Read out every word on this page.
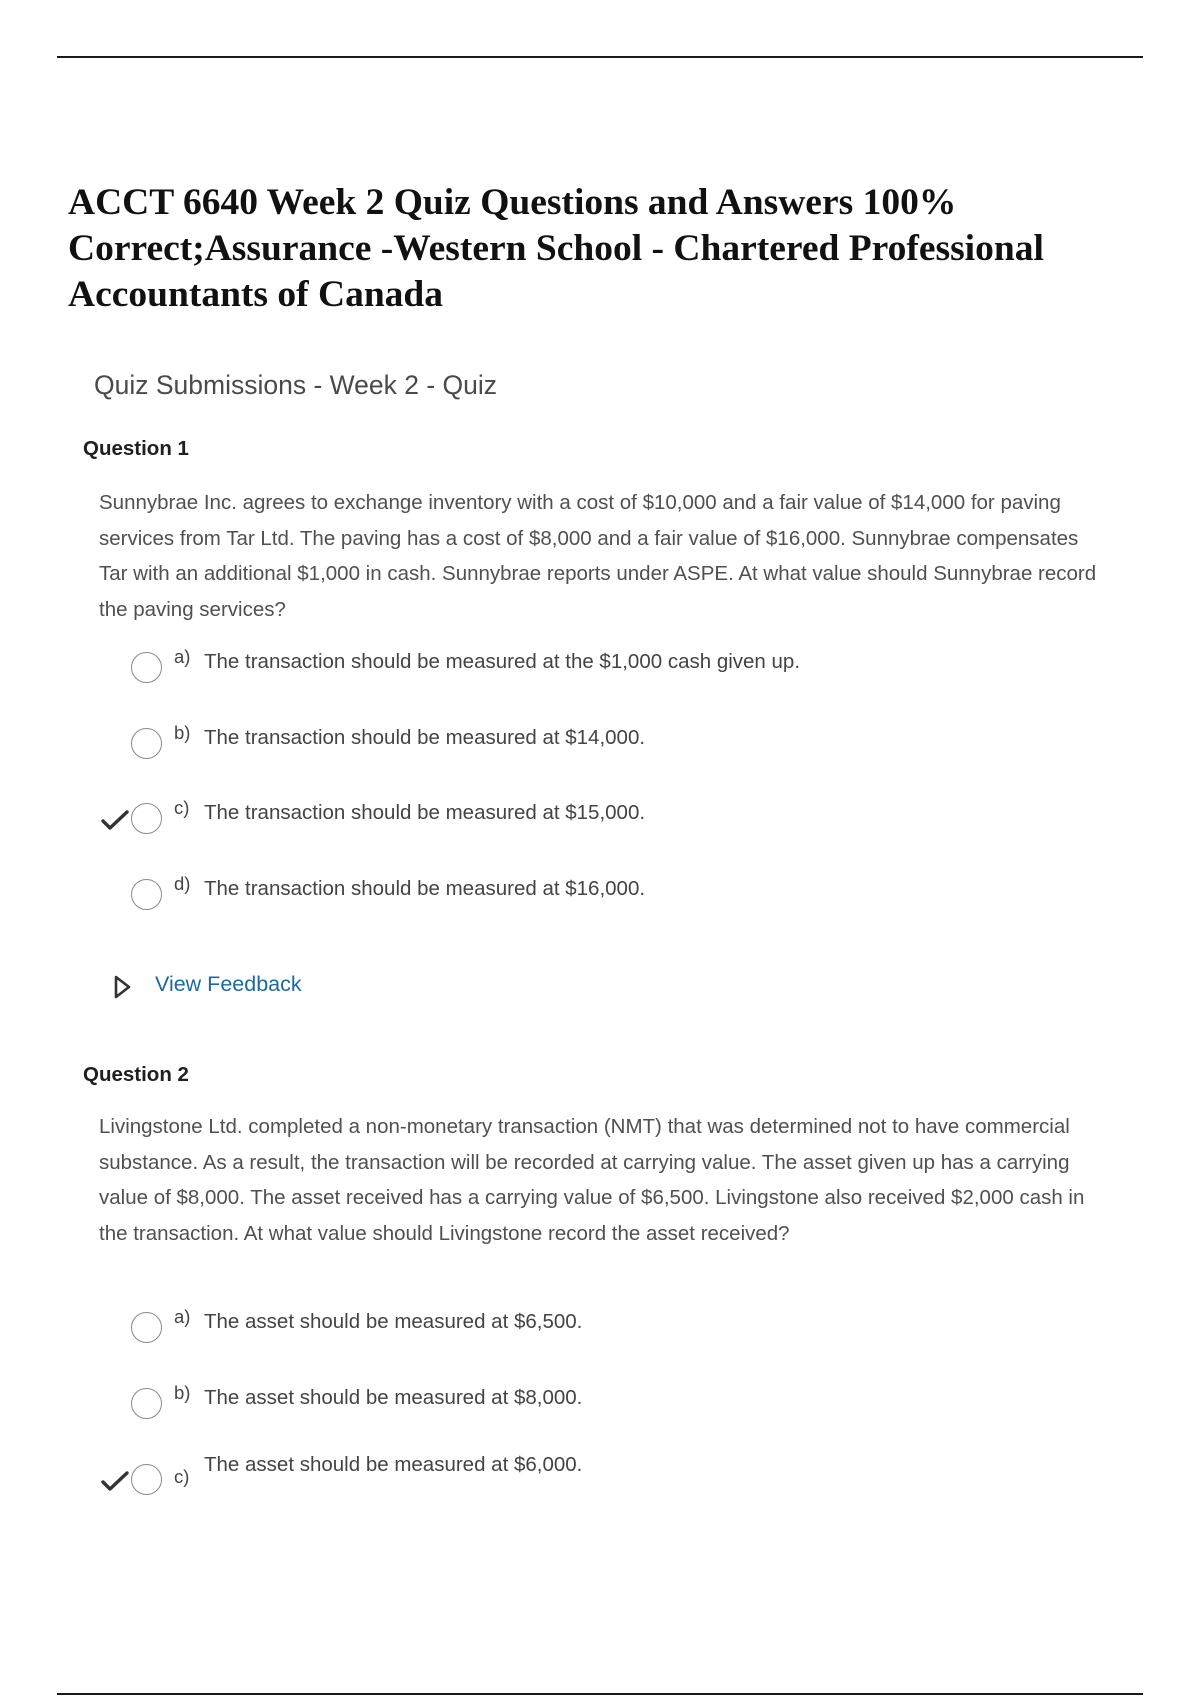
ACCT 6640 Week 2 Quiz Questions and Answers 100% Correct;Assurance -Western School - Chartered Professional Accountants of Canada
Quiz Submissions - Week 2 - Quiz

Question 1

Sunnybrae Inc. agrees to exchange inventory with a cost of $10,000 and a fair value of $14,000 for paving services from Tar Ltd. The paving has a cost of $8,000 and a fair value of $16,000. Sunnybrae compensates Tar with an additional $1,000 in cash. Sunnybrae reports under ASPE. At what value should Sunnybrae record the paving services?

a) The transaction should be measured at the $1,000 cash given up.
b) The transaction should be measured at $14,000.
c) The transaction should be measured at $15,000.
d) The transaction should be measured at $16,000.
View Feedback

Question 2

Livingstone Ltd. completed a non-monetary transaction (NMT) that was determined not to have commercial substance. As a result, the transaction will be recorded at carrying value. The asset given up has a carrying value of $8,000. The asset received has a carrying value of $6,500. Livingstone also received $2,000 cash in the transaction. At what value should Livingstone record the asset received?

a) The asset should be measured at $6,500.
b) The asset should be measured at $8,000.
c)
The asset should be measured at $6,000.
